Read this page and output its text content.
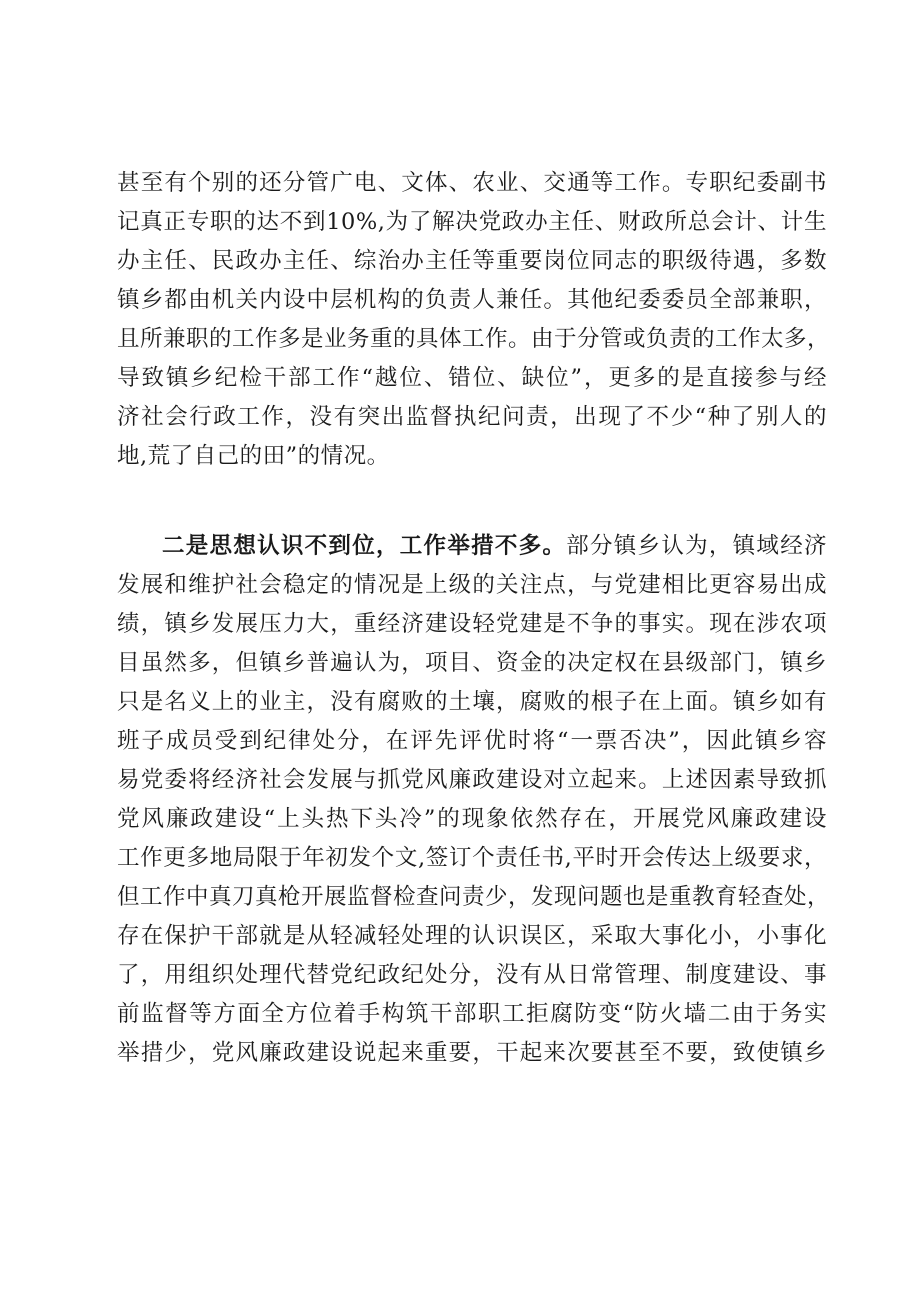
甚至有个别的还分管广电、文体、农业、交通等工作。专职纪委副书
记真正专职的达不到10%,为了解决党政办主任、财政所总会计、计生
办主任、民政办主任、综治办主任等重要岗位同志的职级待遇，多数
镇乡都由机关内设中层机构的负责人兼任。其他纪委委员全部兼职，
且所兼职的工作多是业务重的具体工作。由于分管或负责的工作太多，
导致镇乡纪检干部工作“越位、错位、缺位”，更多的是直接参与经
济社会行政工作，没有突出监督执纪问责，出现了不少“种了别人的
地,荒了自己的田”的情况。
二是思想认识不到位，工作举措不多。部分镇乡认为，镇域经济
发展和维护社会稳定的情况是上级的关注点，与党建相比更容易出成
绩，镇乡发展压力大，重经济建设轻党建是不争的事实。现在涉农项
目虽然多，但镇乡普遍认为，项目、资金的决定权在县级部门，镇乡
只是名义上的业主，没有腐败的土壤，腐败的根子在上面。镇乡如有
班子成员受到纪律处分，在评先评优时将“一票否决”，因此镇乡容
易党委将经济社会发展与抓党风廉政建设对立起来。上述因素导致抓
党风廉政建设“上头热下头冷”的现象依然存在，开展党风廉政建设
工作更多地局限于年初发个文,签订个责任书,平时开会传达上级要求，
但工作中真刀真枪开展监督检查问责少，发现问题也是重教育轻查处，
存在保护干部就是从轻减轻处理的认识误区，采取大事化小，小事化
了，用组织处理代替党纪政纪处分，没有从日常管理、制度建设、事
前监督等方面全方位着手构筑干部职工拒腐防变“防火墙二由于务实
举措少，党风廉政建设说起来重要，干起来次要甚至不要，致使镇乡
